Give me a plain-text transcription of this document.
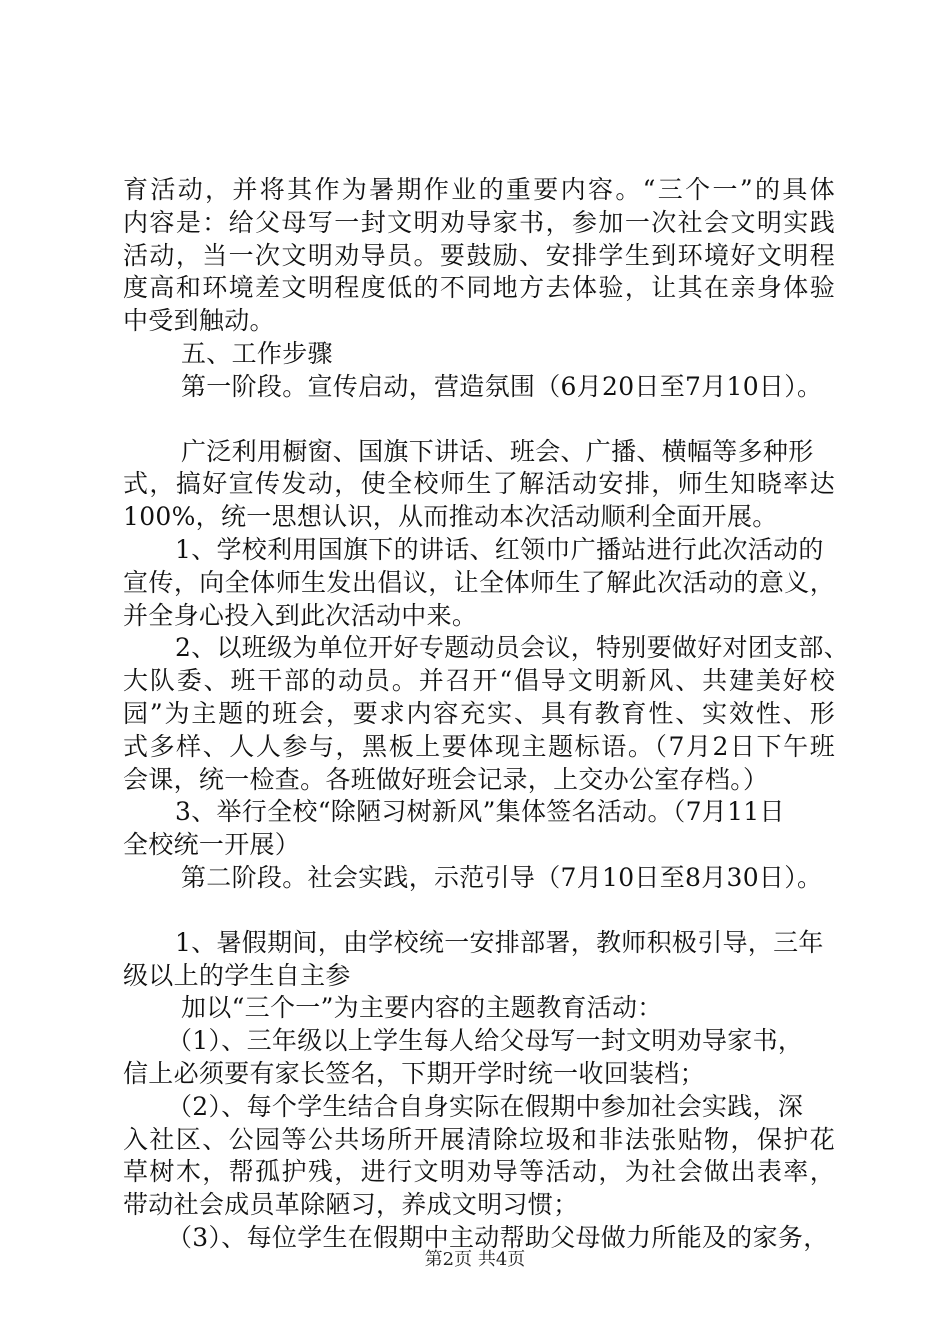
育活动，并将其作为暑期作业的重要内容。“三个一”的具体
内容是：给父母写一封文明劝导家书，参加一次社会文明实践
活动，当一次文明劝导员。要鼓励、安排学生到环境好文明程
度高和环境差文明程度低的不同地方去体验，让其在亲身体验
中受到触动。
五、工作步骤
第一阶段。宣传启动，营造氛围（6月20日至7月10日）。
广泛利用橱窗、国旗下讲话、班会、广播、横幅等多种形
式，搞好宣传发动，使全校师生了解活动安排，师生知晓率达
100%，统一思想认识，从而推动本次活动顺利全面开展。
1、学校利用国旗下的讲话、红领巾广播站进行此次活动的
宣传，向全体师生发出倡议，让全体师生了解此次活动的意义，
并全身心投入到此次活动中来。
2、以班级为单位开好专题动员会议，特别要做好对团支部、
大队委、班干部的动员。并召开“倡导文明新风、共建美好校
园”为主题的班会，要求内容充实、具有教育性、实效性、形
式多样、人人参与，黑板上要体现主题标语。（7月2日下午班
会课，统一检查。各班做好班会记录，上交办公室存档。）
3、举行全校“除陋习树新风”集体签名活动。（7月11日
全校统一开展）
第二阶段。社会实践，示范引导（7月10日至8月30日）。
1、暑假期间，由学校统一安排部署，教师积极引导，三年
级以上的学生自主参
加以“三个一”为主要内容的主题教育活动：
（1）、三年级以上学生每人给父母写一封文明劝导家书，
信上必须要有家长签名，下期开学时统一收回装档；
（2）、每个学生结合自身实际在假期中参加社会实践，深
入社区、公园等公共场所开展清除垃圾和非法张贴物，保护花
草树木，帮孤护残，进行文明劝导等活动，为社会做出表率，
带动社会成员革除陋习，养成文明习惯；
（3）、每位学生在假期中主动帮助父母做力所能及的家务，
第2页 共4页
